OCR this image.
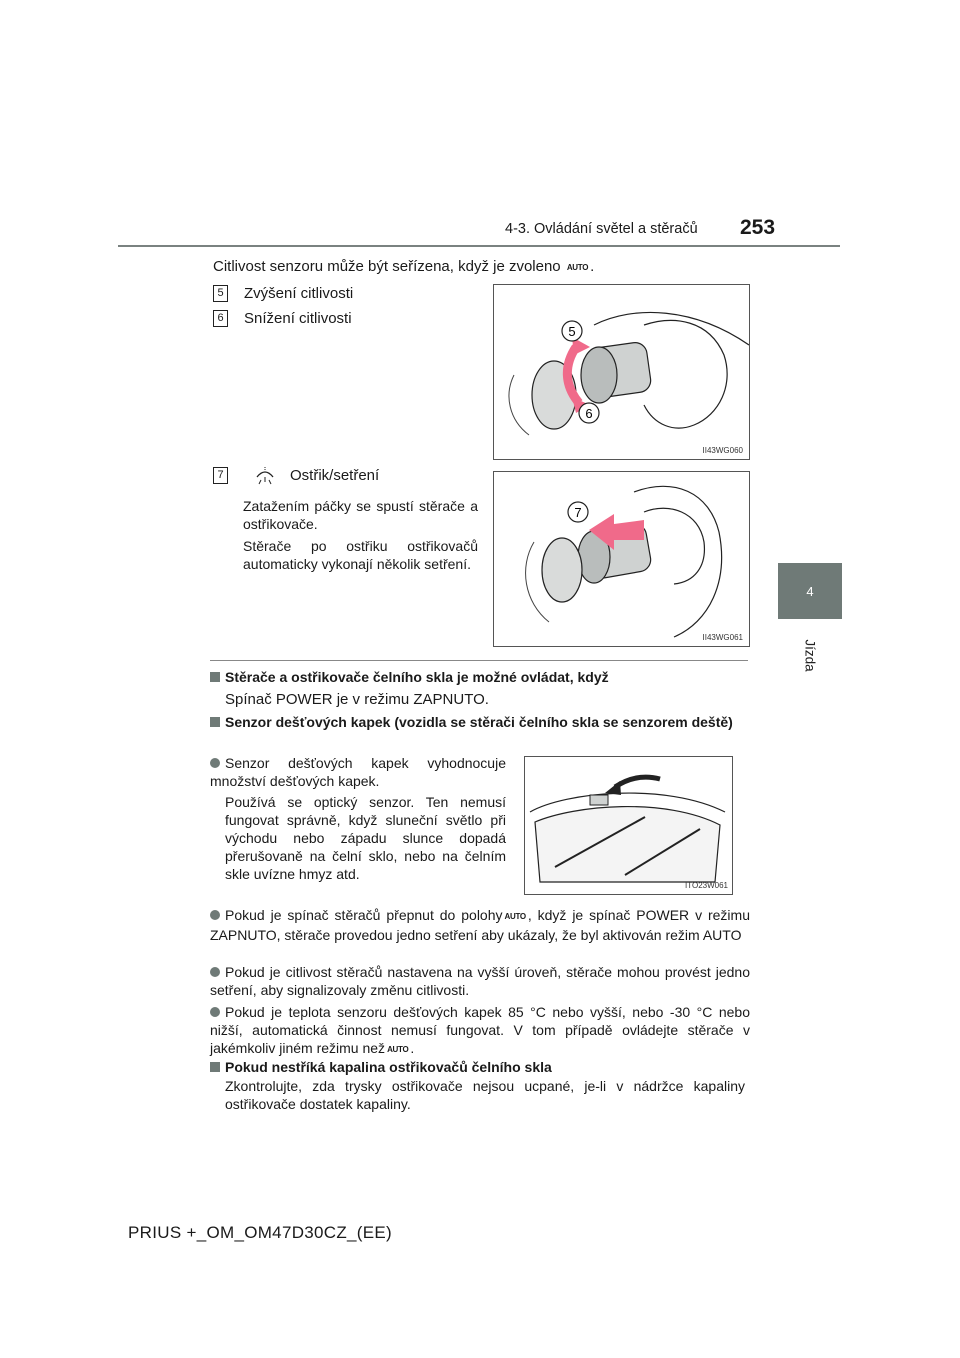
4-3. Ovládání světel a stěračů 253
4
Jízda
Citlivost senzoru může být seřízena, když je zvoleno AUTO .
5 Zvýšení citlivosti
6 Snížení citlivosti
5
6
II43WG060
7	Ostřik/setření
Zatažením páčky se spustí stěrače a ostřikovače.
Stěrače po ostřiku ostřikovačů automaticky vykonají několik setření.
7
II43WG061
Stěrače a ostřikovače čelního skla je možné ovládat, když
Spínač POWER je v režimu ZAPNUTO.
Senzor dešťových kapek (vozidla se stěrači čelního skla se senzorem deště)
Senzor dešťových kapek vyhodnocuje množství dešťových kapek.
Používá se optický senzor. Ten nemusí fungovat správně, když sluneční světlo při východu nebo západu slunce dopadá přerušovaně na čelní sklo, nebo na čelním skle uvízne hmyz atd.
ITO23W061
Pokud je spínač stěračů přepnut do polohy AUTO , když je spínač POWER v režimu ZAPNUTO, stěrače provedou jedno setření aby ukázaly, že byl aktivován režim AUTO
Pokud je citlivost stěračů nastavena na vyšší úroveň, stěrače mohou provést jedno setření, aby signalizovaly změnu citlivosti.
Pokud je teplota senzoru dešťových kapek 85 °C nebo vyšší, nebo -30 °C nebo nižší, automatická činnost nemusí fungovat. V tom případě ovládejte stěrače v jakémkoliv jiném režimu než AUTO .
Pokud nestříká kapalina ostřikovačů čelního skla
Zkontrolujte, zda trysky ostřikovače nejsou ucpané, je-li v nádržce kapaliny ostřikovače dostatek kapaliny.
PRIUS +_OM_OM47D30CZ_(EE)
